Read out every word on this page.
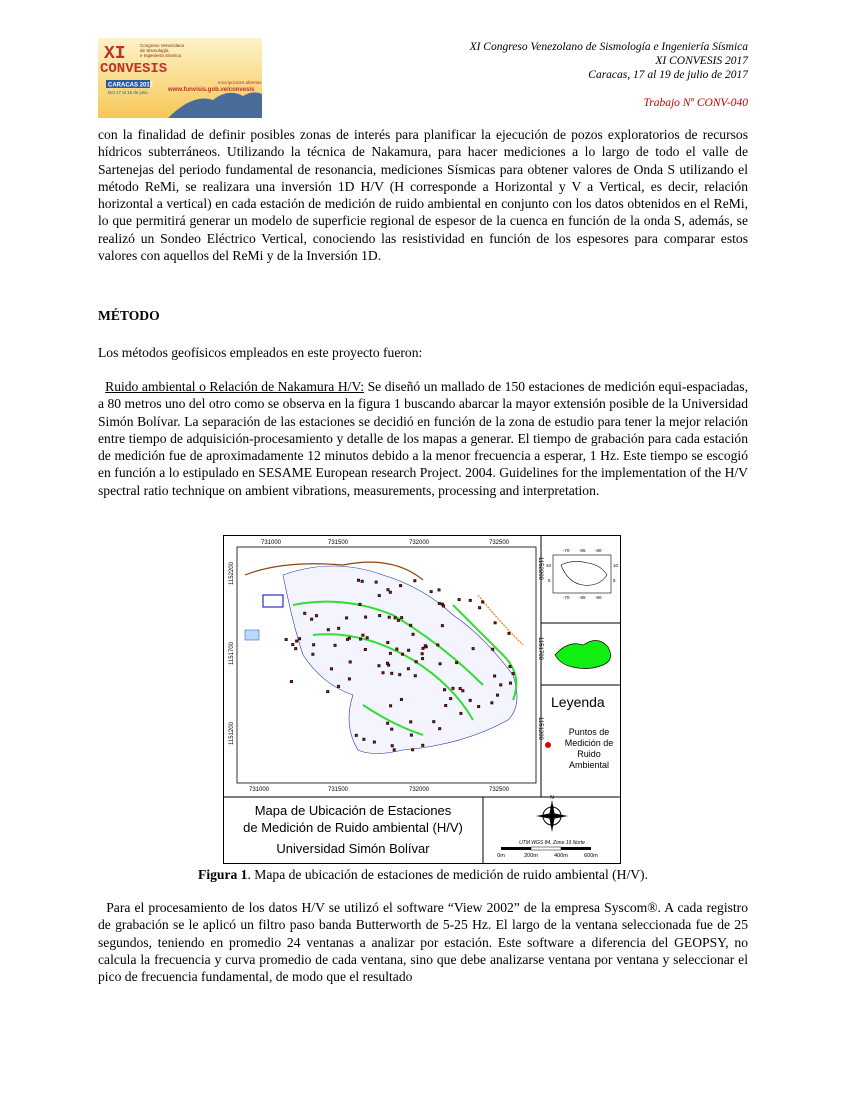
XI
CONVESIS
Congreso Venezolano
de Sismología
e Ingeniería Sísmica
CARACAS 2017
Del 17 al 19 de julio
Inscripciones abiertas
www.funvisis.gob.ve/convesis
XI Congreso Venezolano de Sismología e Ingeniería Sísmica
XI CONVESIS 2017
Caracas, 17 al 19 de julio de 2017
Trabajo Nº CONV-040

con la finalidad de definir posibles zonas de interés para planificar la ejecución de pozos exploratorios de recursos hídricos subterráneos. Utilizando la técnica de Nakamura, para hacer mediciones a lo largo de todo el valle de Sartenejas del periodo fundamental de resonancia, mediciones Sísmicas para obtener valores de Onda S utilizando el método ReMi, se realizara una inversión 1D H/V (H corresponde a Horizontal y V a Vertical, es decir, relación horizontal a vertical) en cada estación de medición de ruido ambiental en conjunto con los datos obtenidos en el ReMi, lo que permitirá generar un modelo de superficie regional de espesor de la cuenca en función de la onda S, además, se realizó un Sondeo Eléctrico Vertical, conociendo las resistividad en función de los espesores para comparar estos valores con aquellos del ReMi y de la Inversión 1D.

MÉTODO

Los métodos geofísicos empleados en este proyecto fueron:

Ruido ambiental o Relación de Nakamura H/V: Se diseñó un mallado de 150 estaciones de medición equi-espaciadas, a 80 metros uno del otro como se observa en la figura 1 buscando abarcar la mayor extensión posible de la Universidad Simón Bolívar. La separación de las estaciones se decidió en función de la zona de estudio para tener la mejor relación entre tiempo de adquisición-procesamiento y detalle de los mapas a generar. El tiempo de grabación para cada estación de medición fue de aproximadamente 12 minutos debido a la menor frecuencia a esperar, 1 Hz. Este tiempo se escogió en función a lo estipulado en SESAME European research Project. 2004. Guidelines for the implementation of the H/V spectral ratio technique on ambient vibrations, measurements, processing and interpretation.

731000	731500	732000	732500
731000	731500	732000	732500
1152200
1151700
1151200
1152200
1151700
1151200
-70 -65 -60
-70 -65 -60
10
5
10
5
Leyenda
Puntos de
Medición de
Ruido
Ambiental
Mapa de Ubicación de Estaciones
de Medición de Ruido ambiental (H/V)
Universidad Simón Bolívar
N
UTM WGS 84, Zone 19 Norte
0m	200m	400m	600m
Figura 1. Mapa de ubicación de estaciones de medición de ruido ambiental (H/V).

Para el procesamiento de los datos H/V se utilizó el software “View 2002” de la empresa Syscom®. A cada registro de grabación se le aplicó un filtro paso banda Butterworth de 5-25 Hz. El largo de la ventana seleccionada fue de 25 segundos, teniendo en promedio 24 ventanas a analizar por estación. Este software a diferencia del GEOPSY, no calcula la frecuencia y curva promedio de cada ventana, sino que debe analizarse ventana por ventana y seleccionar el pico de frecuencia fundamental, de modo que el resultado
